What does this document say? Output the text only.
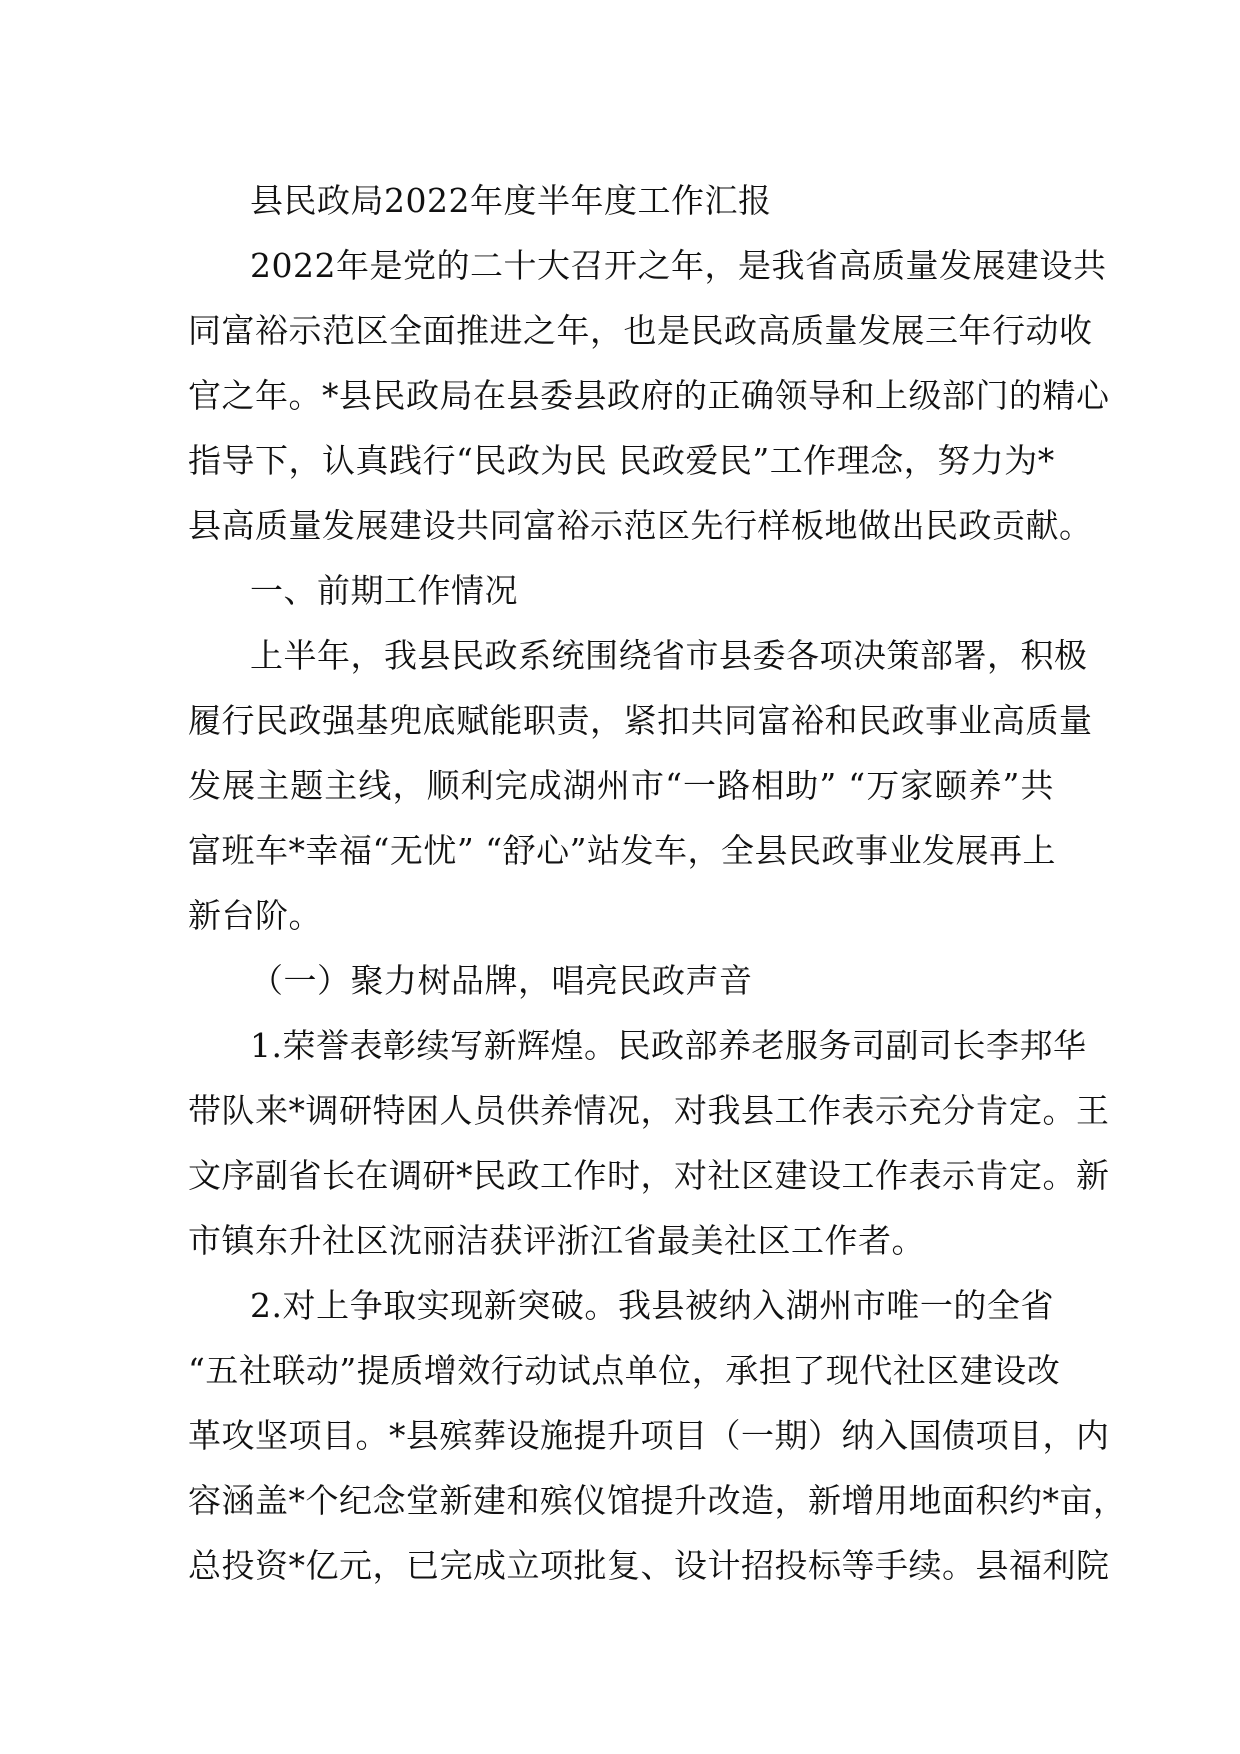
县民政局2022年度半年度工作汇报
2022年是党的二十大召开之年，是我省高质量发展建设共
同富裕示范区全面推进之年，也是民政高质量发展三年行动收
官之年。*县民政局在县委县政府的正确领导和上级部门的精心
指导下，认真践行“民政为民 民政爱民”工作理念，努力为*
县高质量发展建设共同富裕示范区先行样板地做出民政贡献。
一、前期工作情况
上半年，我县民政系统围绕省市县委各项决策部署，积极
履行民政强基兜底赋能职责，紧扣共同富裕和民政事业高质量
发展主题主线，顺利完成湖州市“一路相助” “万家颐养”共
富班车*幸福“无忧” “舒心”站发车，全县民政事业发展再上
新台阶。
（一）聚力树品牌，唱亮民政声音
1.荣誉表彰续写新辉煌。民政部养老服务司副司长李邦华
带队来*调研特困人员供养情况，对我县工作表示充分肯定。王
文序副省长在调研*民政工作时，对社区建设工作表示肯定。新
市镇东升社区沈丽洁获评浙江省最美社区工作者。
2.对上争取实现新突破。我县被纳入湖州市唯一的全省
“五社联动”提质增效行动试点单位，承担了现代社区建设改
革攻坚项目。*县殡葬设施提升项目（一期）纳入国债项目，内
容涵盖*个纪念堂新建和殡仪馆提升改造，新增用地面积约*亩，
总投资*亿元，已完成立项批复、设计招投标等手续。县福利院
